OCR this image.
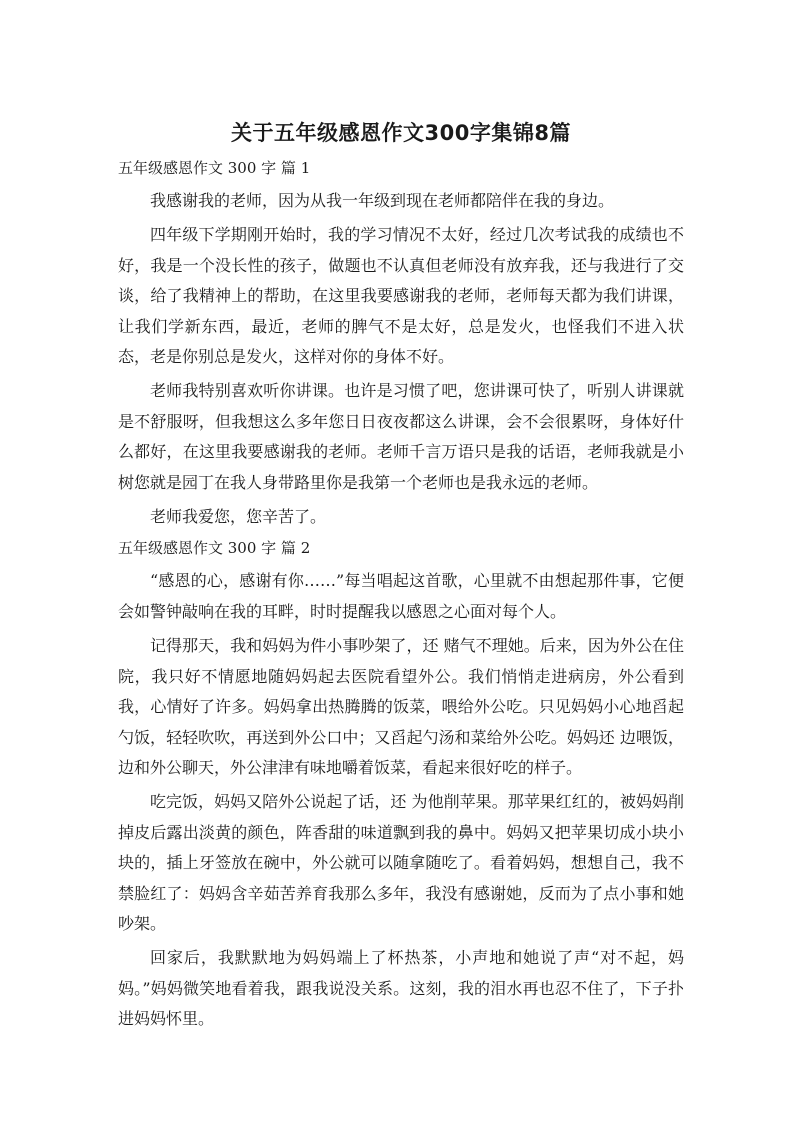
关于五年级感恩作文300字集锦8篇
五年级感恩作文 300 字 篇 1

我感谢我的老师，因为从我一年级到现在老师都陪伴在我的身边。

四年级下学期刚开始时，我的学习情况不太好，经过几次考试我的成绩也不好，我是一个没长性的孩子，做题也不认真但老师没有放弃我，还与我进行了交谈，给了我精神上的帮助，在这里我要感谢我的老师，老师每天都为我们讲课，让我们学新东西，最近，老师的脾气不是太好，总是发火，也怪我们不进入状态，老是你别总是发火，这样对你的身体不好。

老师我特别喜欢听你讲课。也许是习惯了吧，您讲课可快了，听别人讲课就是不舒服呀，但我想这么多年您日日夜夜都这么讲课，会不会很累呀，身体好什么都好，在这里我要感谢我的老师。老师千言万语只是我的话语，老师我就是小树您就是园丁在我人身带路里你是我第一个老师也是我永远的老师。

老师我爱您，您辛苦了。

五年级感恩作文 300 字 篇 2

“感恩的心，感谢有你……”每当唱起这首歌，心里就不由想起那件事，它便会如警钟敲响在我的耳畔，时时提醒我以感恩之心面对每个人。

记得那天，我和妈妈为件小事吵架了，还 赌气不理她。后来，因为外公在住院，我只好不情愿地随妈妈起去医院看望外公。我们悄悄走进病房，外公看到我，心情好了许多。妈妈拿出热腾腾的饭菜，喂给外公吃。只见妈妈小心地舀起勺饭，轻轻吹吹，再送到外公口中；又舀起勺汤和菜给外公吃。妈妈还 边喂饭，边和外公聊天，外公津津有味地嚼着饭菜，看起来很好吃的样子。

吃完饭，妈妈又陪外公说起了话，还 为他削苹果。那苹果红红的，被妈妈削掉皮后露出淡黄的颜色，阵香甜的味道飘到我的鼻中。妈妈又把苹果切成小块小块的，插上牙签放在碗中，外公就可以随拿随吃了。看着妈妈，想想自己，我不禁脸红了：妈妈含辛茹苦养育我那么多年，我没有感谢她，反而为了点小事和她吵架。

回家后，我默默地为妈妈端上了杯热茶，小声地和她说了声“对不起，妈妈。”妈妈微笑地看着我，跟我说没关系。这刻，我的泪水再也忍不住了，下子扑进妈妈怀里。
